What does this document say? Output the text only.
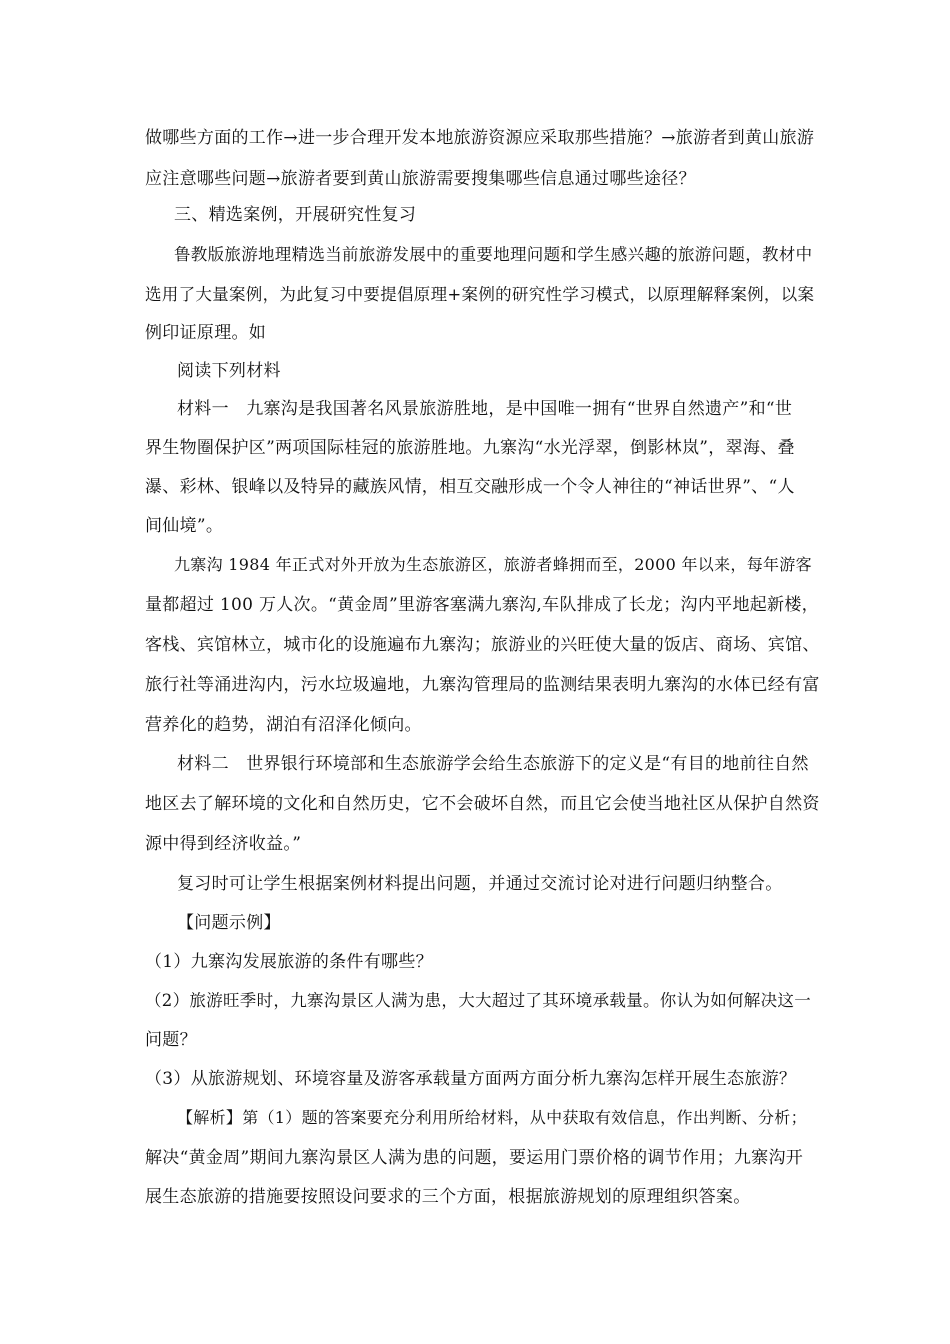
做哪些方面的工作→进一步合理开发本地旅游资源应采取那些措施？→旅游者到黄山旅游
应注意哪些问题→旅游者要到黄山旅游需要搜集哪些信息通过哪些途径？
三、精选案例，开展研究性复习
鲁教版旅游地理精选当前旅游发展中的重要地理问题和学生感兴趣的旅游问题，教材中
选用了大量案例，为此复习中要提倡原理+案例的研究性学习模式，以原理解释案例，以案
例印证原理。如
阅读下列材料
材料一　九寨沟是我国著名风景旅游胜地，是中国唯一拥有“世界自然遗产”和“世
界生物圈保护区”两项国际桂冠的旅游胜地。九寨沟“水光浮翠，倒影林岚”，翠海、叠
瀑、彩林、银峰以及特异的藏族风情，相互交融形成一个令人神往的“神话世界”、“人
间仙境”。
九寨沟 1984 年正式对外开放为生态旅游区，旅游者蜂拥而至，2000 年以来，每年游客
量都超过 100 万人次。“黄金周”里游客塞满九寨沟,车队排成了长龙；沟内平地起新楼，
客栈、宾馆林立，城市化的设施遍布九寨沟；旅游业的兴旺使大量的饭店、商场、宾馆、
旅行社等涌进沟内，污水垃圾遍地，九寨沟管理局的监测结果表明九寨沟的水体已经有富
营养化的趋势，湖泊有沼泽化倾向。
材料二　世界银行环境部和生态旅游学会给生态旅游下的定义是“有目的地前往自然
地区去了解环境的文化和自然历史，它不会破坏自然，而且它会使当地社区从保护自然资
源中得到经济收益。”
复习时可让学生根据案例材料提出问题，并通过交流讨论对进行问题归纳整合。
【问题示例】
（1）九寨沟发展旅游的条件有哪些？
（2）旅游旺季时，九寨沟景区人满为患，大大超过了其环境承载量。你认为如何解决这一
问题？
（3）从旅游规划、环境容量及游客承载量方面两方面分析九寨沟怎样开展生态旅游？
【解析】第（1）题的答案要充分利用所给材料，从中获取有效信息，作出判断、分析；
解决“黄金周”期间九寨沟景区人满为患的问题，要运用门票价格的调节作用；九寨沟开
展生态旅游的措施要按照设问要求的三个方面，根据旅游规划的原理组织答案。
